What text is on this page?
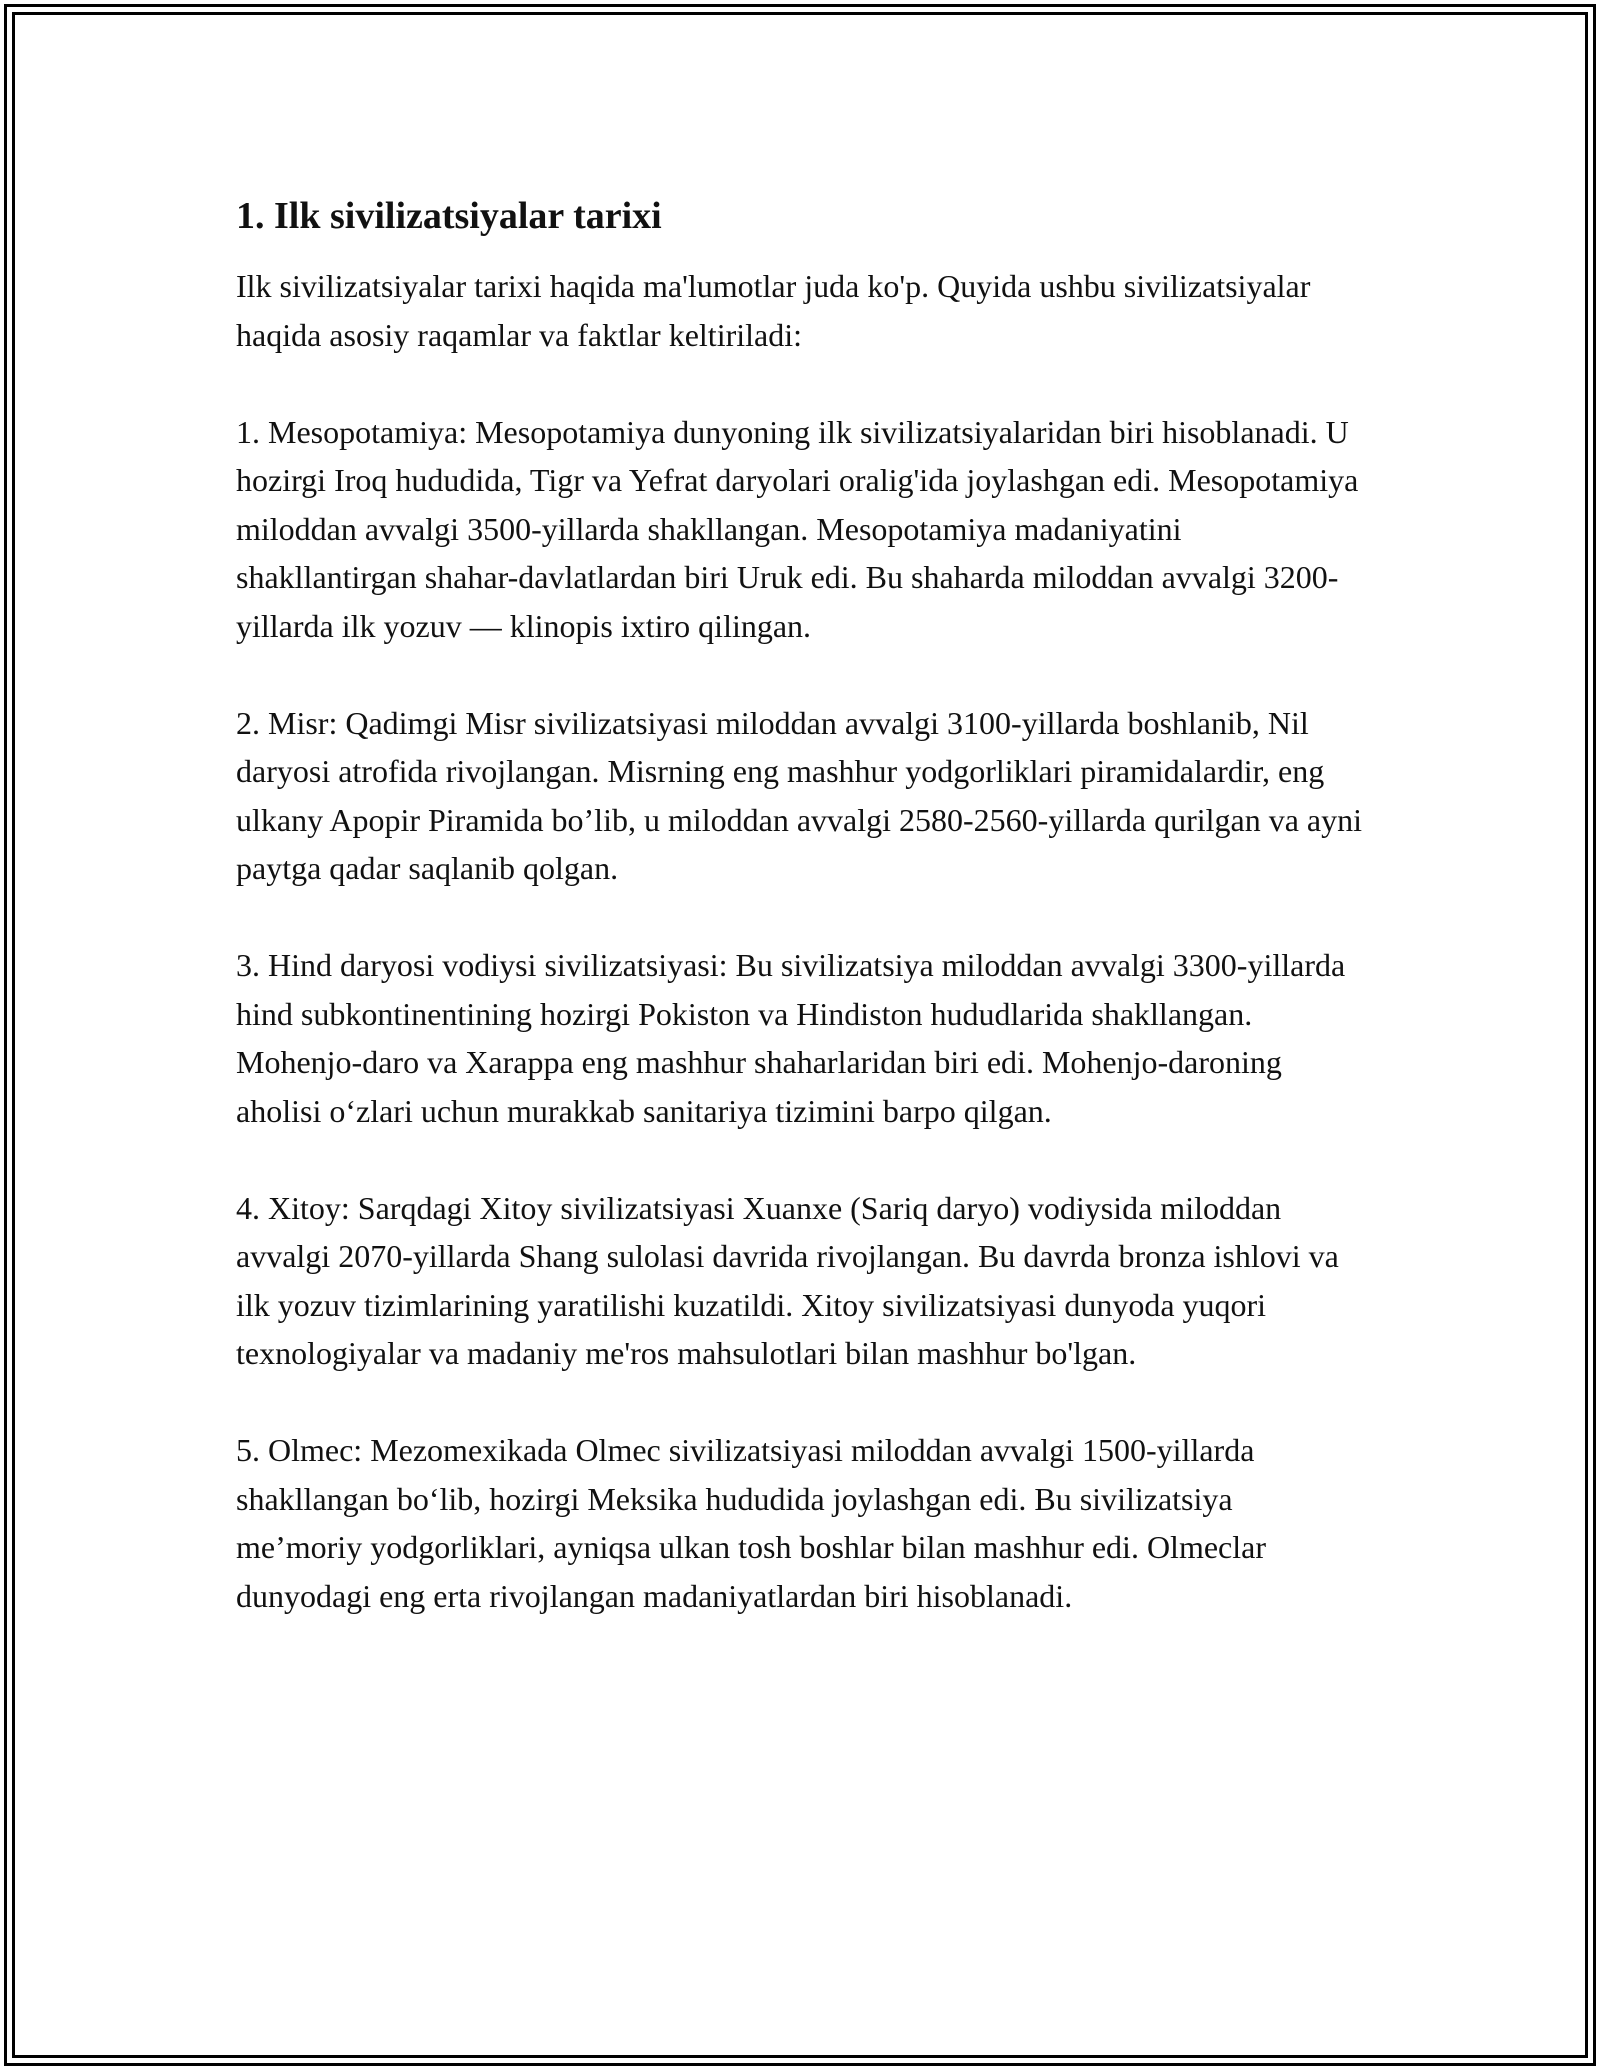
1. Ilk sivilizatsiyalar tarixi

Ilk sivilizatsiyalar tarixi haqida ma'lumotlar juda ko'p. Quyida ushbu sivilizatsiyalar haqida asosiy raqamlar va faktlar keltiriladi:

1. Mesopotamiya: Mesopotamiya dunyoning ilk sivilizatsiyalaridan biri hisoblanadi. U hozirgi Iroq hududida, Tigr va Yefrat daryolari oralig'ida joylashgan edi. Mesopotamiya miloddan avvalgi 3500-yillarda shakllangan. Mesopotamiya madaniyatini shakllantirgan shahar-davlatlardan biri Uruk edi. Bu shaharda miloddan avvalgi 3200-yillarda ilk yozuv — klinopis ixtiro qilingan.

2. Misr: Qadimgi Misr sivilizatsiyasi miloddan avvalgi 3100-yillarda boshlanib, Nil daryosi atrofida rivojlangan. Misrning eng mashhur yodgorliklari piramidalardir, eng ulkany Apopir Piramida bo’lib, u miloddan avvalgi 2580-2560-yillarda qurilgan va ayni paytga qadar saqlanib qolgan.

3. Hind daryosi vodiysi sivilizatsiyasi: Bu sivilizatsiya miloddan avvalgi 3300-yillarda hind subkontinentining hozirgi Pokiston va Hindiston hududlarida shakllangan. Mohenjo-daro va Xarappa eng mashhur shaharlaridan biri edi. Mohenjo-daroning aholisi o‘zlari uchun murakkab sanitariya tizimini barpo qilgan.

4. Xitoy: Sarqdagi Xitoy sivilizatsiyasi Xuanxe (Sariq daryo) vodiysida miloddan avvalgi 2070-yillarda Shang sulolasi davrida rivojlangan. Bu davrda bronza ishlovi va ilk yozuv tizimlarining yaratilishi kuzatildi. Xitoy sivilizatsiyasi dunyoda yuqori texnologiyalar va madaniy me'ros mahsulotlari bilan mashhur bo'lgan.

5. Olmec: Mezomexikada Olmec sivilizatsiyasi miloddan avvalgi 1500-yillarda shakllangan bo‘lib, hozirgi Meksika hududida joylashgan edi. Bu sivilizatsiya me’moriy yodgorliklari, ayniqsa ulkan tosh boshlar bilan mashhur edi. Olmeclar dunyodagi eng erta rivojlangan madaniyatlardan biri hisoblanadi.
